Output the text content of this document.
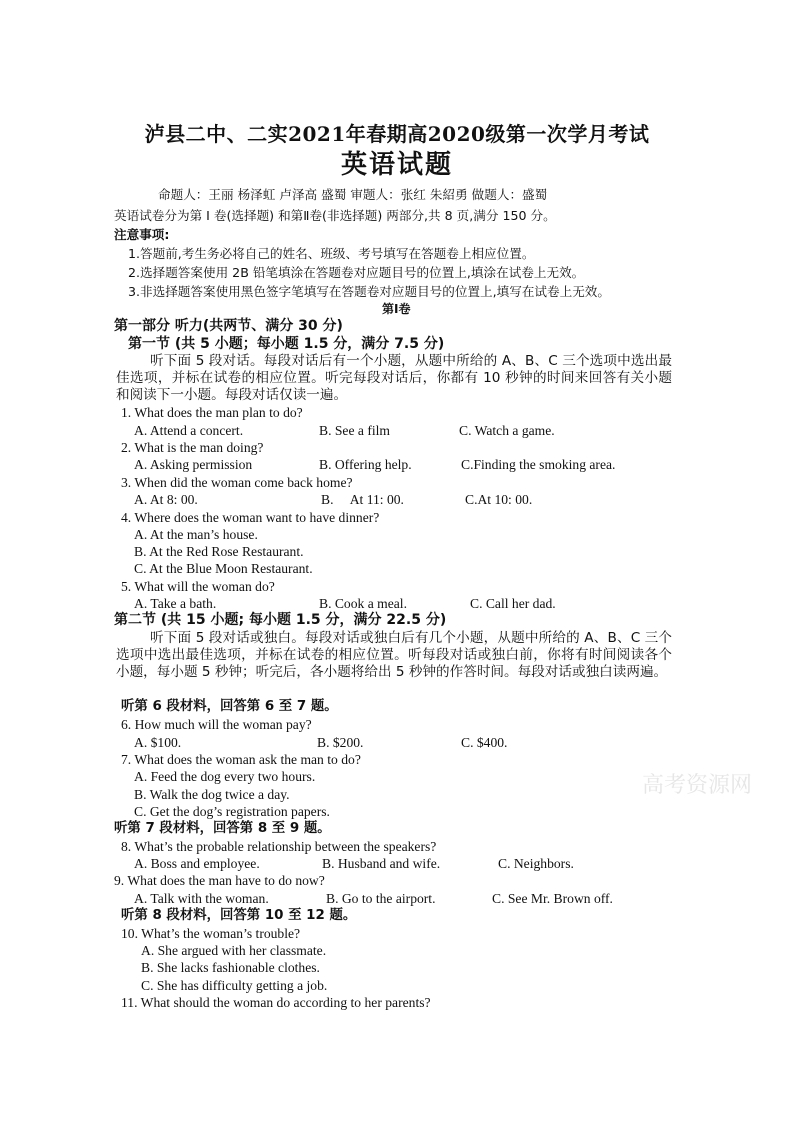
泸县二中、二实2021年春期高2020级第一次学月考试
英语试题
命题人：王丽 杨泽虹 卢泽高 盛蜀 审题人：张红 朱紹勇 做题人：盛蜀
英语试卷分为第 I 卷(选择题) 和第Ⅱ卷(非选择题) 两部分,共 8 页,满分 150 分。
注意事项:
1.答题前,考生务必将自己的姓名、班级、考号填写在答题卷上相应位置。
2.选择题答案使用 2B 铅笔填涂在答题卷对应题目号的位置上,填涂在试卷上无效。
3.非选择题答案使用黑色签字笔填写在答题卷对应题目号的位置上,填写在试卷上无效。
第Ⅰ卷
第一部分 听力(共两节、满分 30 分)
第一节 (共 5 小题；每小题 1.5 分，满分 7.5 分)
听下面 5 段对话。每段对话后有一个小题，从题中所给的 A、B、C 三个选项中选出最佳选项，并标在试卷的相应位置。听完每段对话后，你都有 10 秒钟的时间来回答有关小题和阅读下一小题。每段对话仅读一遍。
1. What does the man plan to do?
A. Attend a concert.	B. See a film	C. Watch a game.
2. What is the man doing?
A. Asking permission	B. Offering help.	C.Finding the smoking area.
3. When did the woman come back home?
A. At 8: 00.	B.     At 11: 00.	C.At 10: 00.
4. Where does the woman want to have dinner?
A. At the man’s house.
B. At the Red Rose Restaurant.
C. At the Blue Moon Restaurant.
5. What will the woman do?
A. Take a bath.	B. Cook a meal.	C. Call her dad.
第二节 (共 15 小题; 每小题 1.5 分，满分 22.5 分)
听下面 5 段对话或独白。每段对话或独白后有几个小题，从题中所给的 A、B、C 三个选项中选出最佳选项，并标在试卷的相应位置。听每段对话或独白前，你将有时间阅读各个小题，每小题 5 秒钟；听完后，各小题将给出 5 秒钟的作答时间。每段对话或独白读两遍。
听第 6 段材料，回答第 6 至 7 题。
6. How much will the woman pay?
A. $100.	B. $200.	C. $400.
7. What does the woman ask the man to do?
A. Feed the dog every two hours.
B. Walk the dog twice a day.
C. Get the dog’s registration papers.
听第 7 段材料，回答第 8 至 9 题。
8. What’s the probable relationship between the speakers?
A. Boss and employee.	B. Husband and wife.	C. Neighbors.
9. What does the man have to do now?
A. Talk with the woman.	B. Go to the airport.	C. See Mr. Brown off.
听第 8 段材料，回答第 10 至 12 题。
10. What’s the woman’s trouble?
A. She argued with her classmate.
B. She lacks fashionable clothes.
C. She has difficulty getting a job.
11. What should the woman do according to her parents?
高考资源网
